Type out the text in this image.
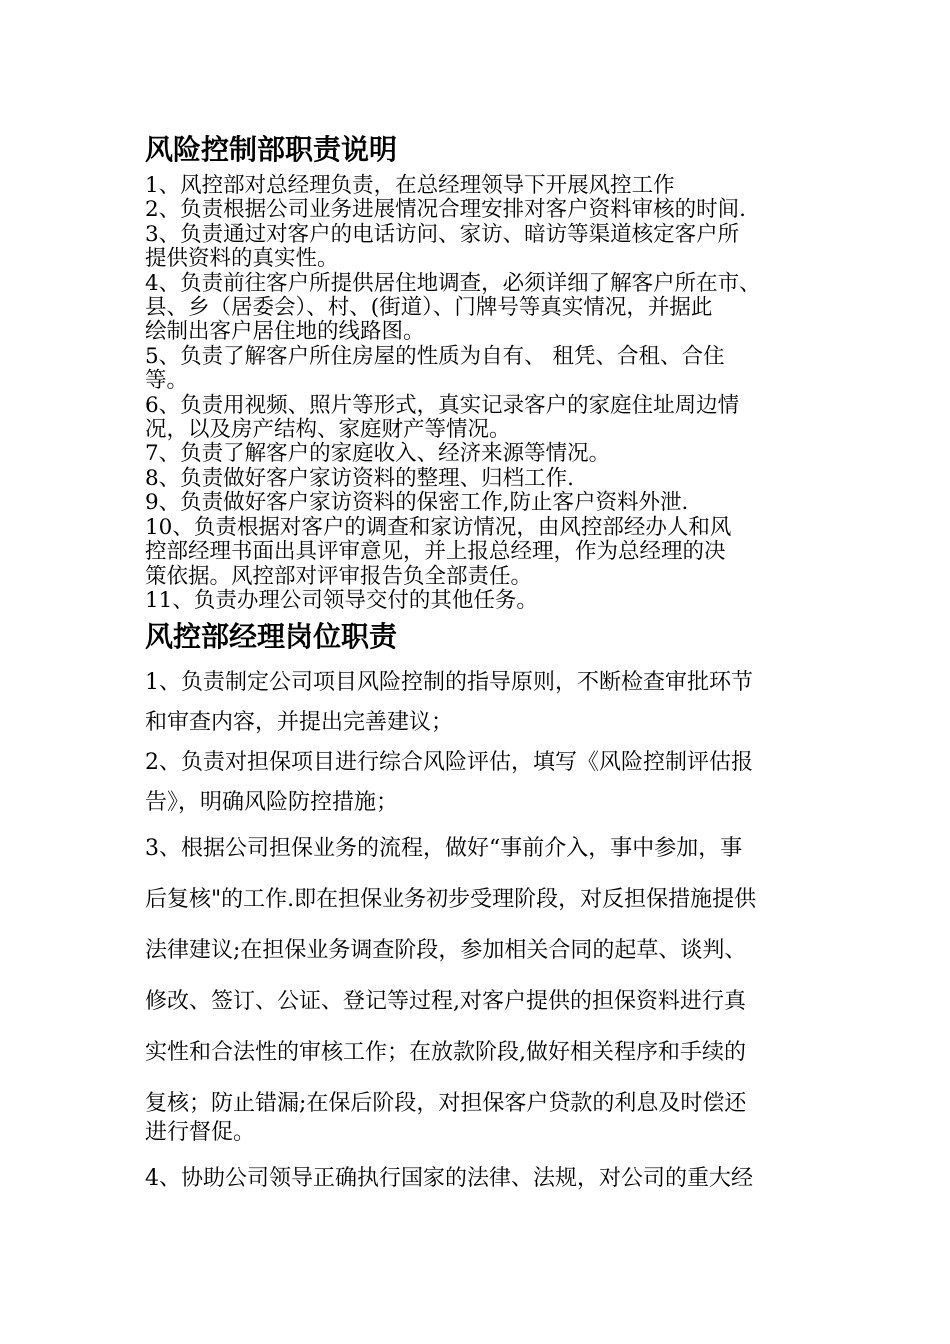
风险控制部职责说明

1、风控部对总经理负责，在总经理领导下开展风控工作

2、负责根据公司业务进展情况合理安排对客户资料审核的时间.

3、负责通过对客户的电话访问、家访、暗访等渠道核定客户所
提供资料的真实性。

4、负责前往客户所提供居住地调查，必须详细了解客户所在市、
县、乡（居委会）、村、(街道）、门牌号等真实情况，并据此
绘制出客户居住地的线路图。

5、负责了解客户所住房屋的性质为自有、 租凭、合租、合住
等。

6、负责用视频、照片等形式，真实记录客户的家庭住址周边情
况，以及房产结构、家庭财产等情况。

7、负责了解客户的家庭收入、经济来源等情况。

8、负责做好客户家访资料的整理、归档工作.

9、负责做好客户家访资料的保密工作,防止客户资料外泄.

10、负责根据对客户的调查和家访情况，由风控部经办人和风
控部经理书面出具评审意见，并上报总经理，作为总经理的决
策依据。风控部对评审报告负全部责任。

11、负责办理公司领导交付的其他任务。

风控部经理岗位职责

1、负责制定公司项目风险控制的指导原则，不断检查审批环节
和审查内容，并提出完善建议；

2、负责对担保项目进行综合风险评估，填写《风险控制评估报
告》，明确风险防控措施；

3、根据公司担保业务的流程，做好“事前介入，事中参加，事
后复核"的工作.即在担保业务初步受理阶段，对反担保措施提供
法律建议;在担保业务调查阶段，参加相关合同的起草、谈判、
修改、签订、公证、登记等过程,对客户提供的担保资料进行真
实性和合法性的审核工作；在放款阶段,做好相关程序和手续的
复核；防止错漏;在保后阶段，对担保客户贷款的利息及时偿还

进行督促。

4、协助公司领导正确执行国家的法律、法规，对公司的重大经
